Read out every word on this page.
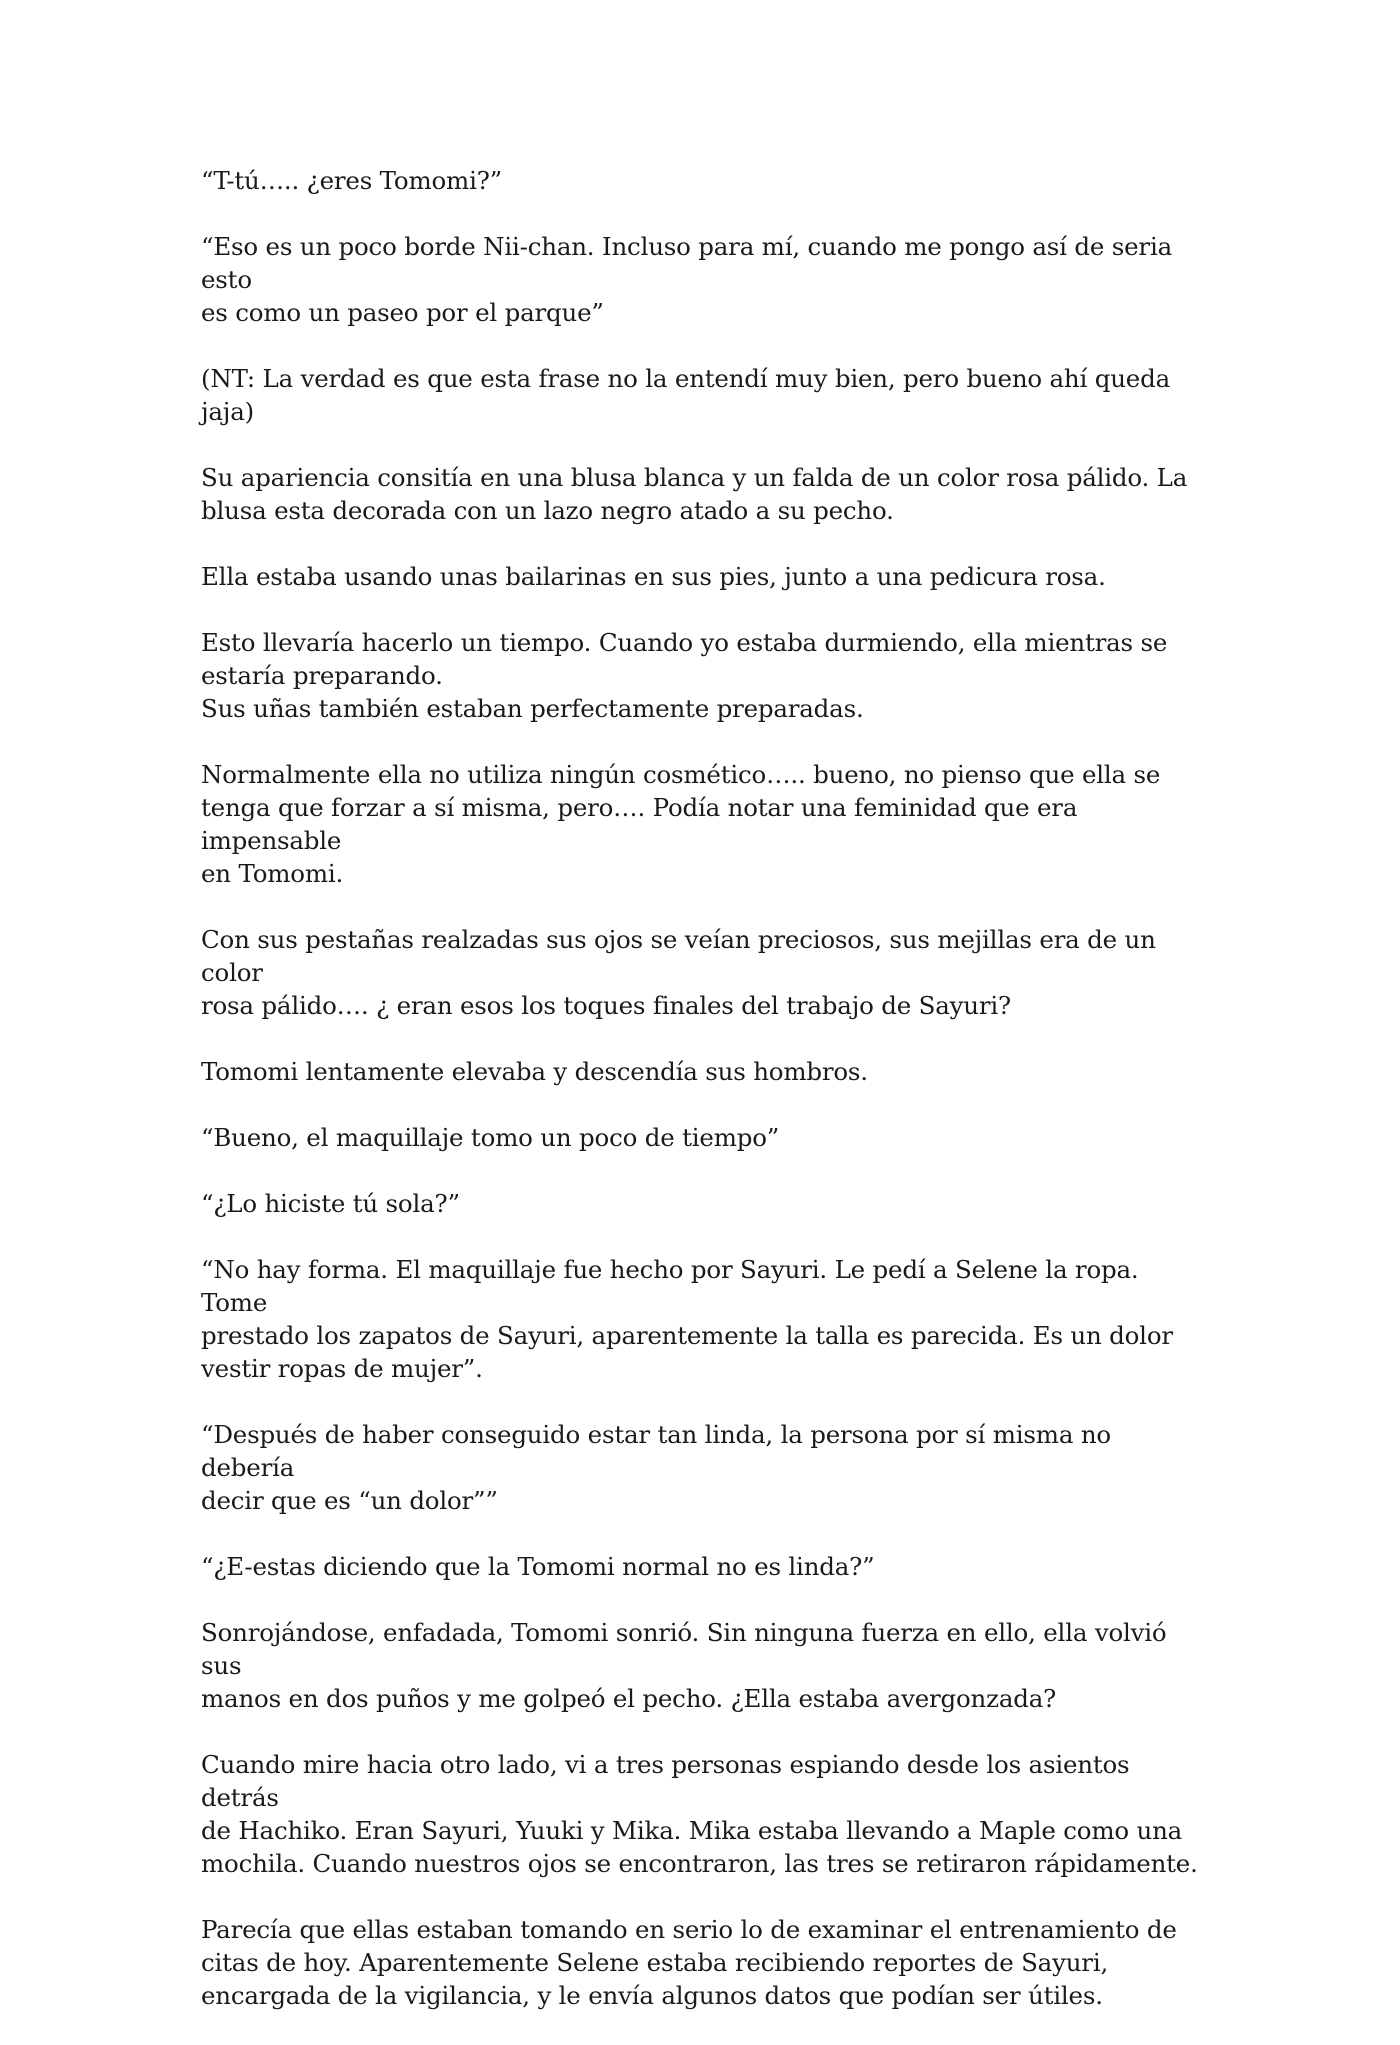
“T-tú….. ¿eres Tomomi?”
“Eso es un poco borde Nii-chan. Incluso para mí, cuando me pongo así de seria esto
es como un paseo por el parque”
(NT: La verdad es que esta frase no la entendí muy bien, pero bueno ahí queda
jaja)
Su apariencia consitía en una blusa blanca y un falda de un color rosa pálido. La
blusa esta decorada con un lazo negro atado a su pecho.
Ella estaba usando unas bailarinas en sus pies, junto a una pedicura rosa.
Esto llevaría hacerlo un tiempo. Cuando yo estaba durmiendo, ella mientras se
estaría preparando.
Sus uñas también estaban perfectamente preparadas.
Normalmente ella no utiliza ningún cosmético….. bueno, no pienso que ella se
tenga que forzar a sí misma, pero…. Podía notar una feminidad que era impensable
en Tomomi.
Con sus pestañas realzadas sus ojos se veían preciosos, sus mejillas era de un color
rosa pálido…. ¿ eran esos los toques finales del trabajo de Sayuri?
Tomomi lentamente elevaba y descendía sus hombros.
“Bueno, el maquillaje tomo un poco de tiempo”
“¿Lo hiciste tú sola?”
“No hay forma. El maquillaje fue hecho por Sayuri. Le pedí a Selene la ropa. Tome
prestado los zapatos de Sayuri, aparentemente la talla es parecida. Es un dolor
vestir ropas de mujer”.
“Después de haber conseguido estar tan linda, la persona por sí misma no debería
decir que es “un dolor””
“¿E-estas diciendo que la Tomomi normal no es linda?”
Sonrojándose, enfadada, Tomomi sonrió. Sin ninguna fuerza en ello, ella volvió sus
manos en dos puños y me golpeó el pecho. ¿Ella estaba avergonzada?
Cuando mire hacia otro lado, vi a tres personas espiando desde los asientos detrás
de Hachiko. Eran Sayuri, Yuuki y Mika. Mika estaba llevando a Maple como una
mochila. Cuando nuestros ojos se encontraron, las tres se retiraron rápidamente.
Parecía que ellas estaban tomando en serio lo de examinar el entrenamiento de
citas de hoy. Aparentemente Selene estaba recibiendo reportes de Sayuri,
encargada de la vigilancia, y le envía algunos datos que podían ser útiles.
